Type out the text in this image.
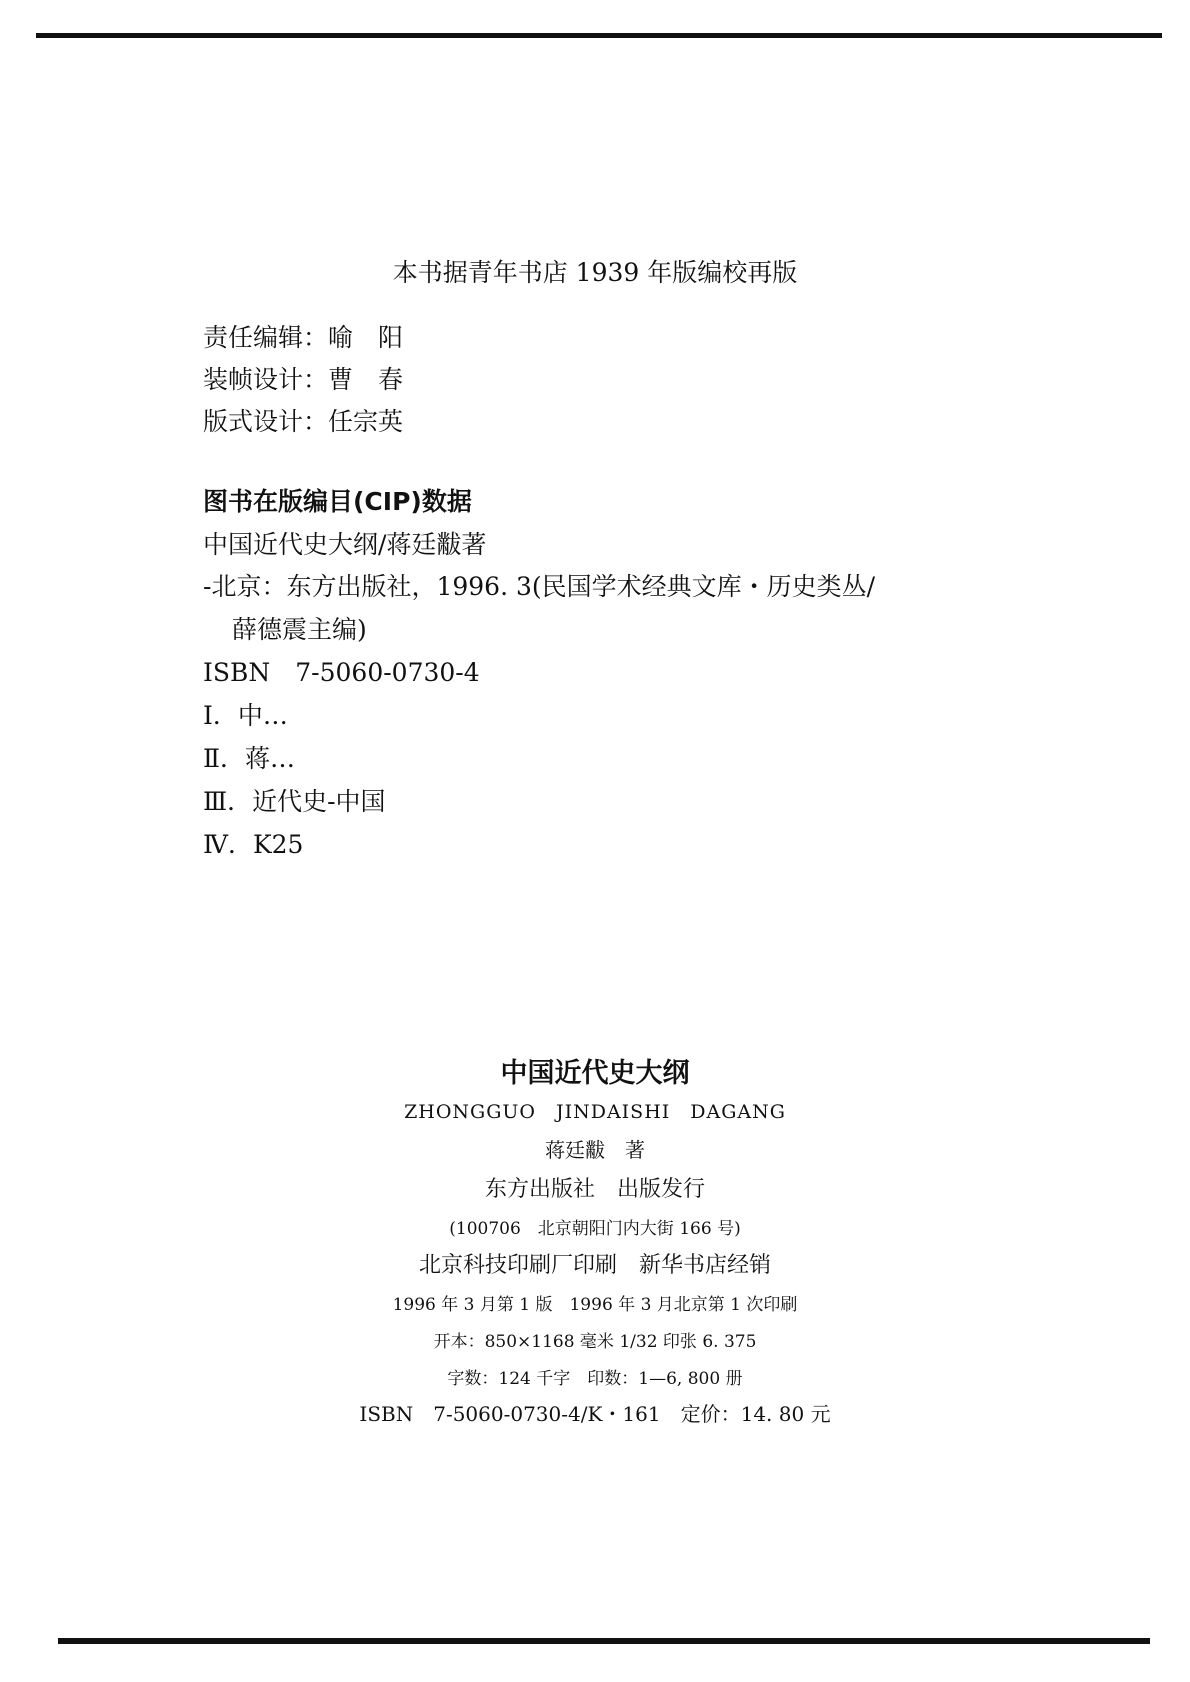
本书据青年书店 1939 年版编校再版
责任编辑：喻　阳
装帧设计：曹　春
版式设计：任宗英
图书在版编目(CIP)数据
中国近代史大纲/蒋廷黻著
-北京：东方出版社，1996. 3(民国学术经典文库・历史类丛/
薛德震主编)
ISBN　7-5060-0730-4
Ⅰ．中…
Ⅱ．蒋…
Ⅲ．近代史-中国
Ⅳ．K25
中国近代史大纲
ZHONGGUO　JINDAISHI　DAGANG
蒋廷黻　著
东方出版社　出版发行
(100706　北京朝阳门内大街 166 号)
北京科技印刷厂印刷　新华书店经销
1996 年 3 月第 1 版　1996 年 3 月北京第 1 次印刷
开本：850×1168 毫米 1/32 印张 6. 375
字数：124 千字　印数：1—6, 800 册
ISBN　7-5060-0730-4/K・161　定价：14. 80 元
